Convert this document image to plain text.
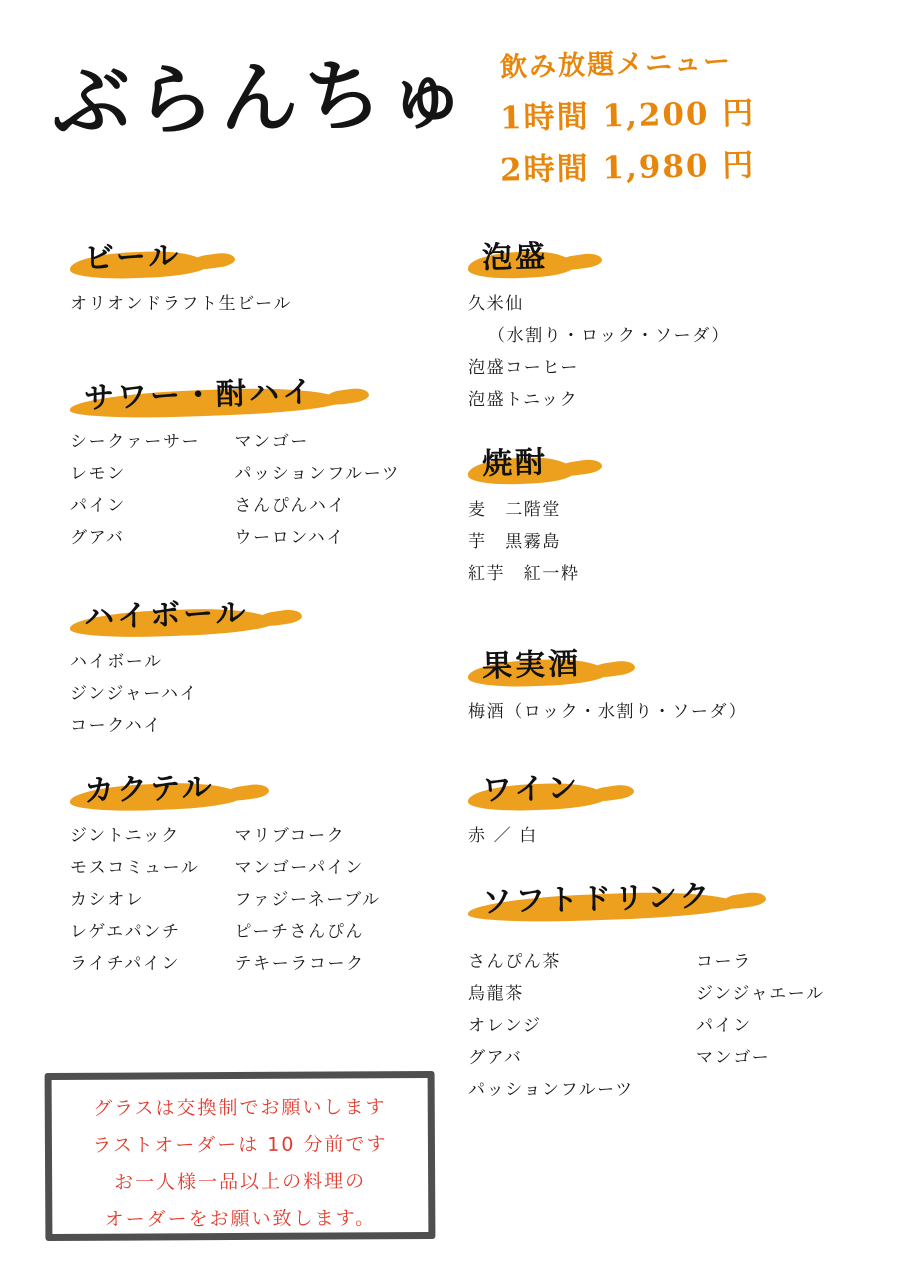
ぶらんちゅ 飲み放題メニュー
1時間 1,200 円
2時間 1,980 円
ビール
オリオンドラフト生ビール
サワー・酎ハイ
シークァーサー
レモン
パイン
グアバ
マンゴー
パッションフルーツ
さんぴんハイ
ウーロンハイ
ハイボール
ハイボール
ジンジャーハイ
コークハイ
カクテル
ジントニック
モスコミュール
カシオレ
レゲエパンチ
ライチパイン
マリブコーク
マンゴーパイン
ファジーネーブル
ピーチさんぴん
テキーラコーク
泡盛
久米仙
（水割り・ロック・ソーダ）
泡盛コーヒー
泡盛トニック
焼酎
麦　二階堂
芋　黒霧島
紅芋　紅一粋
果実酒
梅酒（ロック・水割り・ソーダ）
ワイン
赤 ／ 白
ソフトドリンク
さんぴん茶
烏龍茶
オレンジ
グアバ
パッションフルーツ
コーラ
ジンジャエール
パイン
マンゴー
グラスは交換制でお願いします
ラストオーダーは 10 分前です
お一人様一品以上の料理の
オーダーをお願い致します。
